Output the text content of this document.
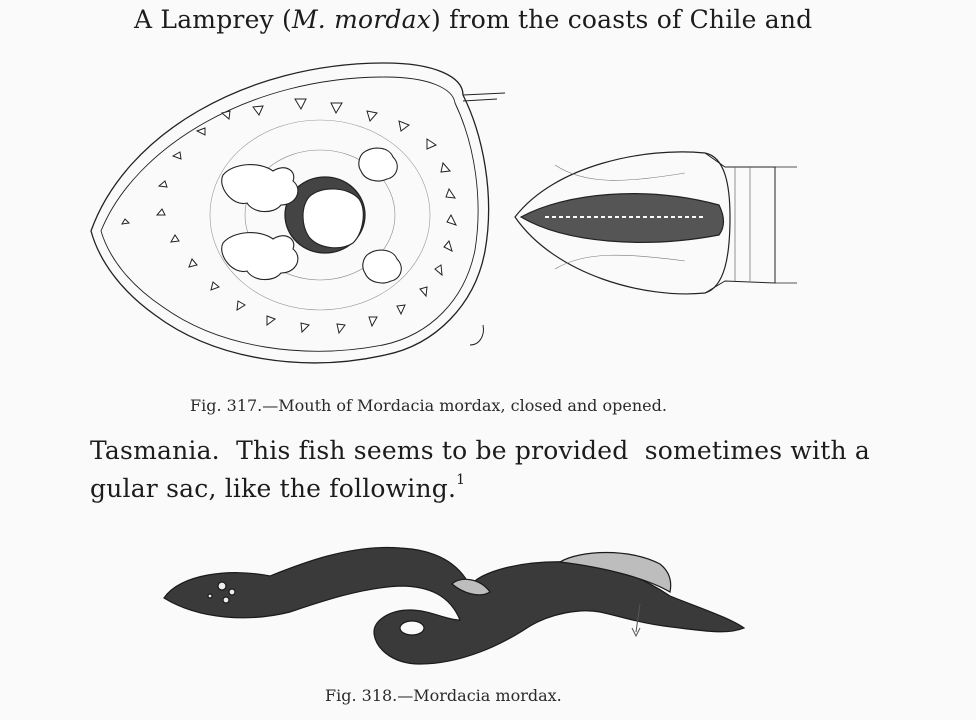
A Lamprey (M. mordax) from the coasts of Chile and

Fig. 317.—Mouth of Mordacia mordax, closed and opened.

Tasmania.  This fish seems to be provided  sometimes with a

gular sac, like the following.$^1$

Fig. 318.—Mordacia mordax.
